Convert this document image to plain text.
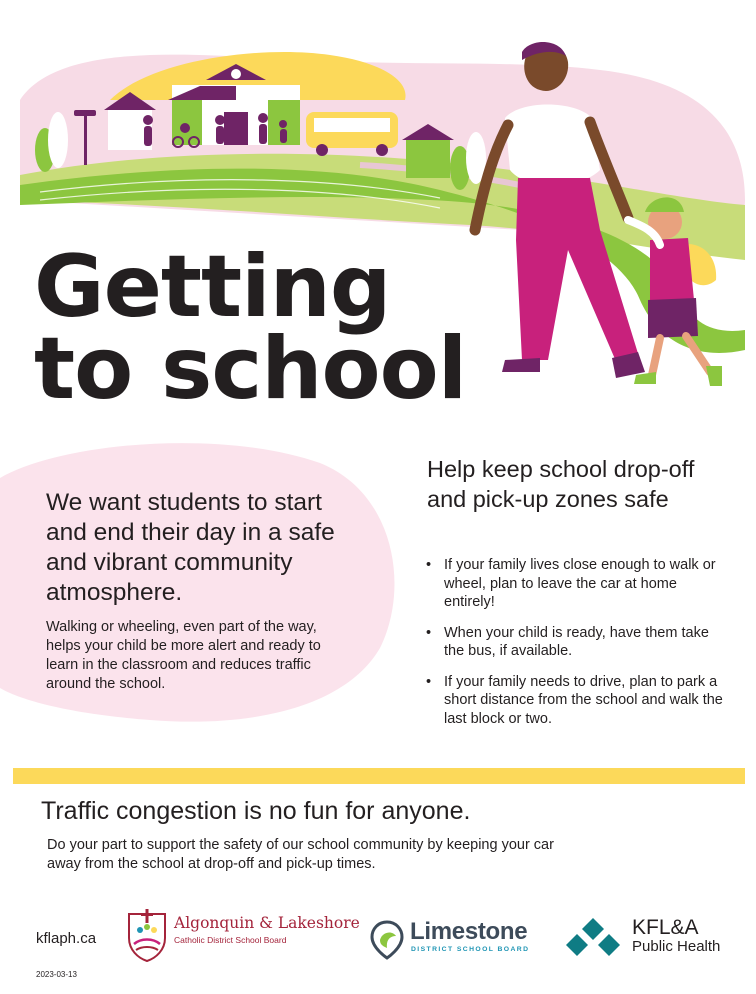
Getting
to school
We want students to start and end their day in a safe and vibrant community atmosphere.
Walking or wheeling, even part of the way, helps your child be more alert and ready to learn in the classroom and reduces traffic around the school.
Help keep school drop-off and pick-up zones safe
• If your family lives close enough to walk or wheel, plan to leave the car at home entirely!
• When your child is ready, have them take the bus, if available.
• If your family needs to drive, plan to park a short distance from the school and walk the last block or two.
Traffic congestion is no fun for anyone.
Do your part to support the safety of our school community by keeping your car away from the school at drop-off and pick-up times.
kflaph.ca
2023-03-13
Algonquin & Lakeshore
Catholic District School Board	Limestone
DISTRICT SCHOOL BOARD
KFL&A
Public Health
